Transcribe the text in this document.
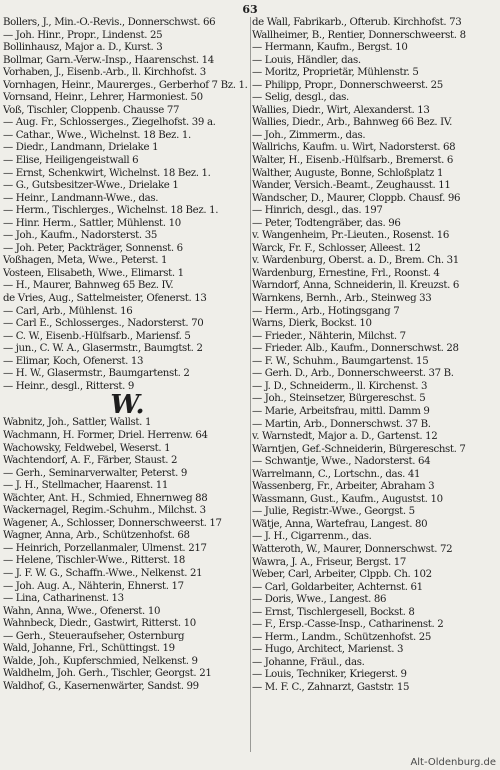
63
Bollers, J., Min.-O.-Revis., Donnerschwst. 66
— Joh. Hinr., Propr., Lindenst. 25
Bollinhausz, Major a. D., Kurst. 3
Bollmar, Garn.-Verw.-Insp., Haarenschst. 14
Vorhaben, J., Eisenb.-Arb., ll. Kirchhofst. 3
Vornhagen, Heinr., Maurerges., Gerberhof 7 Bz. 1.
Vornsand, Heinr., Lehrer, Harmoniest. 50
Voß, Tischler, Cloppenb. Chausse 77
— Aug. Fr., Schlosserges., Ziegelhofst. 39 a.
— Cathar., Wwe., Wichelnst. 18 Bez. 1.
— Diedr., Landmann, Drielake 1
— Elise, Heiligengeistwall 6
— Ernst, Schenkwirt, Wichelnst. 18 Bez. 1.
— G., Gutsbesitzer-Wwe., Drielake 1
— Heinr., Landmann-Wwe., das.
— Herm., Tischlerges., Wichelnst. 18 Bez. 1.
— Hinr. Herm., Sattler, Mühlenst. 10
— Joh., Kaufm., Nadorsterst. 35
— Joh. Peter, Packträger, Sonnenst. 6
Voßhagen, Meta, Wwe., Peterst. 1
Vosteen, Elisabeth, Wwe., Elimarst. 1
— H., Maurer, Bahnweg 65 Bez. IV.
de Vries, Aug., Sattelmeister, Ofenerst. 13
— Carl, Arb., Mühlenst. 16
— Carl E., Schlosserges., Nadorsterst. 70
— C. W., Eisenb.-Hülfsarb., Mariensf. 5
— jun., C. W. A., Glasermstr., Baumgtst. 2
— Elimar, Koch, Ofenerst. 13
— H. W., Glasermstr., Baumgartenst. 2
— Heinr., desgl., Ritterst. 9
W.
Wabnitz, Joh., Sattler, Wallst. 1
Wachmann, H. Former, Driel. Herrenw. 64
Wachowsky, Feldwebel, Weserst. 1
Wachtendorf, A. F., Färber, Staust. 2
— Gerh., Seminarverwalter, Peterst. 9
— J. H., Stellmacher, Haarenst. 11
Wächter, Ant. H., Schmied, Ehnernweg 88
Wackernagel, Regim.-Schuhm., Milchst. 3
Wagener, A., Schlosser, Donnerschweerst. 17
Wagner, Anna, Arb., Schützenhofst. 68
— Heinrich, Porzellanmaler, Ulmenst. 217
— Helene, Tischler-Wwe., Ritterst. 18
— J. F. W. G., Schaffn.-Wwe., Nelkenst. 21
— Joh. Aug. A., Nähterin, Ehnerst. 17
— Lina, Catharinenst. 13
Wahn, Anna, Wwe., Ofenerst. 10
Wahnbeck, Diedr., Gastwirt, Ritterst. 10
— Gerh., Steueraufseher, Osternburg
Wald, Johanne, Frl., Schüttingst. 19
Walde, Joh., Kupferschmied, Nelkenst. 9
Waldhelm, Joh. Gerh., Tischler, Georgst. 21
Waldhof, G., Kasernenwärter, Sandst. 99
de Wall, Fabrikarb., Ofterub. Kirchhofst. 73
Wallheimer, B., Rentier, Donnerschweerst. 8
— Hermann, Kaufm., Bergst. 10
— Louis, Händler, das.
— Moritz, Proprietär, Mühlenstr. 5
— Philipp, Propr., Donnerschweerst. 25
— Selig, desgl., das.
Wallies, Diedr., Wirt, Alexanderst. 13
Wallies, Diedr., Arb., Bahnweg 66 Bez. IV.
— Joh., Zimmerm., das.
Wallrichs, Kaufm. u. Wirt, Nadorsterst. 68
Walter, H., Eisenb.-Hülfsarb., Bremerst. 6
Walther, Auguste, Bonne, Schloßplatz 1
Wander, Versich.-Beamt., Zeughausst. 11
Wandscher, D., Maurer, Cloppb. Chausf. 96
— Hinrich, desgl., das. 197
— Peter, Todtengräber, das. 96
v. Wangenheim, Pr.-Lieuten., Rosenst. 16
Warck, Fr. F., Schlosser, Alleest. 12
v. Wardenburg, Oberst. a. D., Brem. Ch. 31
Wardenburg, Ernestine, Frl., Roonst. 4
Warndorf, Anna, Schneiderin, ll. Kreuzst. 6
Warnkens, Bernh., Arb., Steinweg 33
— Herm., Arb., Hotingsgang 7
Warns, Dierk, Bockst. 10
— Frieder., Nähterin, Milchst. 7
— Frieder. Alb., Kaufm., Donnerschwst. 28
— F. W., Schuhm., Baumgartenst. 15
— Gerh. D., Arb., Donnerschweerst. 37 B.
— J. D., Schneiderm., ll. Kirchenst. 3
— Joh., Steinsetzer, Bürgereschst. 5
— Marie, Arbeitsfrau, mittl. Damm 9
— Martin, Arb., Donnerschwst. 37 B.
v. Warnstedt, Major a. D., Gartenst. 12
Warntjen, Gef.-Schneiderin, Bürgereschst. 7
— Schwantje, Wwe., Nadorsterst. 64
Warrelmann, C., Lortschn., das. 41
Wassenberg, Fr., Arbeiter, Abraham 3
Wassmann, Gust., Kaufm., Augustst. 10
— Julie, Registr.-Wwe., Georgst. 5
Wätje, Anna, Wartefrau, Langest. 80
— J. H., Cigarrenm., das.
Watteroth, W., Maurer, Donnerschwst. 72
Wawra, J. A., Friseur, Bergst. 17
Weber, Carl, Arbeiter, Clppb. Ch. 102
— Carl, Goldarbeiter, Achternst. 61
— Doris, Wwe., Langest. 86
— Ernst, Tischlergesell, Bockst. 8
— F., Ersp.-Casse-Insp., Catharinenst. 2
— Herm., Landm., Schützenhofst. 25
— Hugo, Architect, Marienst. 3
— Johanne, Fräul., das.
— Louis, Techniker, Kriegerst. 9
— M. F. C., Zahnarzt, Gaststr. 15
Alt-Oldenburg.de
